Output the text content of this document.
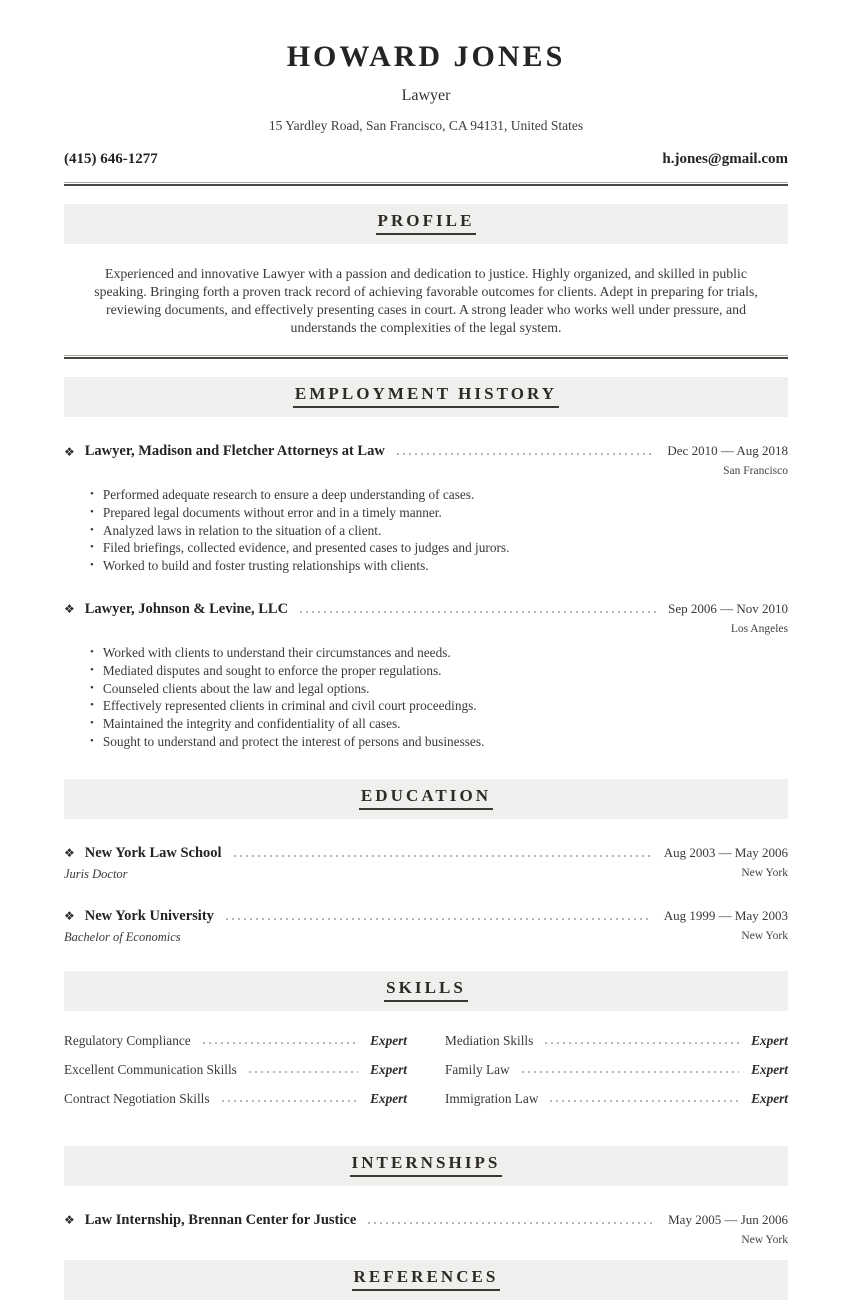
HOWARD JONES
Lawyer
15 Yardley Road, San Francisco, CA 94131, United States
(415) 646-1277	h.jones@gmail.com
PROFILE
Experienced and innovative Lawyer with a passion and dedication to justice. Highly organized, and skilled in public speaking. Bringing forth a proven track record of achieving favorable outcomes for clients. Adept in preparing for trials, reviewing documents, and effectively presenting cases in court. A strong leader who works well under pressure, and understands the complexities of the legal system.
EMPLOYMENT HISTORY
❖ Lawyer, Madison and Fletcher Attorneys at Law	Dec 2010 — Aug 2018
San Francisco
• Performed adequate research to ensure a deep understanding of cases.
• Prepared legal documents without error and in a timely manner.
• Analyzed laws in relation to the situation of a client.
• Filed briefings, collected evidence, and presented cases to judges and jurors.
• Worked to build and foster trusting relationships with clients.
❖ Lawyer, Johnson & Levine, LLC	Sep 2006 — Nov 2010
Los Angeles
• Worked with clients to understand their circumstances and needs.
• Mediated disputes and sought to enforce the proper regulations.
• Counseled clients about the law and legal options.
• Effectively represented clients in criminal and civil court proceedings.
• Maintained the integrity and confidentiality of all cases.
• Sought to understand and protect the interest of persons and businesses.
EDUCATION
❖ New York Law School	Aug 2003 — May 2006
Juris Doctor	New York
❖ New York University	Aug 1999 — May 2003
Bachelor of Economics	New York
SKILLS
Regulatory Compliance	Expert
Excellent Communication Skills	Expert
Contract Negotiation Skills	Expert
Mediation Skills	Expert
Family Law	Expert
Immigration Law	Expert
INTERNSHIPS
❖ Law Internship, Brennan Center for Justice	May 2005 — Jun 2006
New York
REFERENCES
